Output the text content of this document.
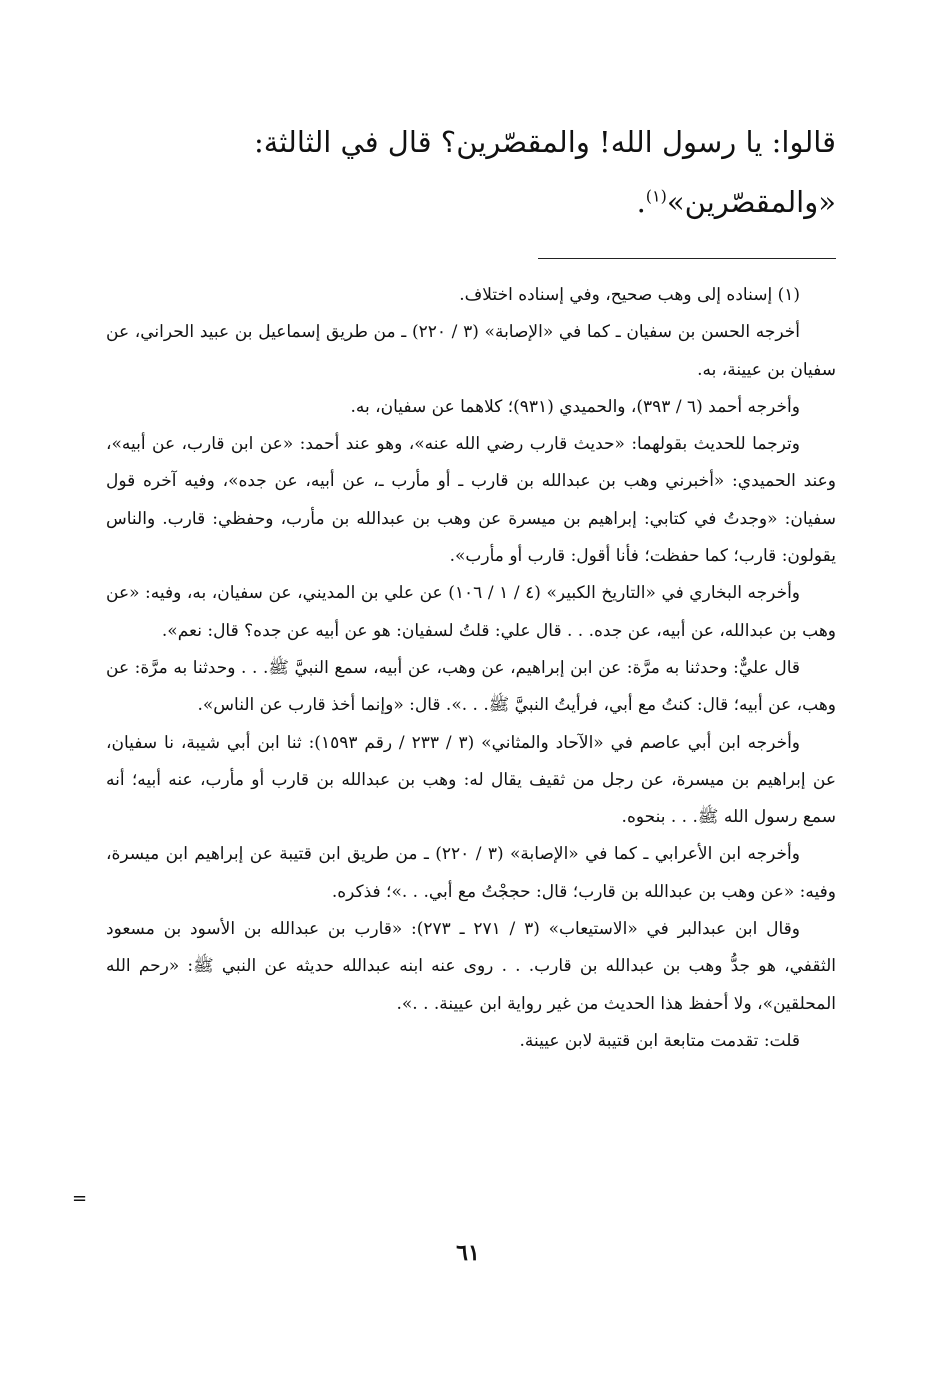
قالوا: يا رسول الله! والمقصّرين؟ قال في الثالثة:
«والمقصّرين»$^{(١)}$.

(١) إسناده إلى وهب صحيح، وفي إسناده اختلاف.

أخرجه الحسن بن سفيان ـ كما في «الإصابة» (٣ / ٢٢٠) ـ من طريق إسماعيل بن عبيد الحراني، عن سفيان بن عيينة، به.

وأخرجه أحمد (٦ / ٣٩٣)، والحميدي (٩٣١)؛ كلاهما عن سفيان، به.

وترجما للحديث بقولهما: «حديث قارب رضي الله عنه»، وهو عند أحمد: «عن ابن قارب، عن أبيه»، وعند الحميدي: «أخبرني وهب بن عبدالله بن قارب ـ أو مأرب ـ، عن أبيه، عن جده»، وفيه آخره قول سفيان: «وجدتُ في كتابي: إبراهيم بن ميسرة عن وهب بن عبدالله بن مأرب، وحفظي: قارب. والناس يقولون: قارب؛ كما حفظت؛ فأنا أقول: قارب أو مأرب».

وأخرجه البخاري في «التاريخ الكبير» (٤ / ١ / ١٠٦) عن علي بن المديني، عن سفيان، به، وفيه: «عن وهب بن عبدالله، عن أبيه، عن جده. . . قال علي: قلتُ لسفيان: هو عن أبيه عن جده؟ قال: نعم».

قال عليٌّ: وحدثنا به مرَّة: عن ابن إبراهيم، عن وهب، عن أبيه، سمع النبيَّ ﷺ. . . وحدثنا به مرَّة: عن وهب، عن أبيه؛ قال: كنتُ مع أبي، فرأيتُ النبيَّ ﷺ. . .». قال: «وإنما أخذ قارب عن الناس».

وأخرجه ابن أبي عاصم في «الآحاد والمثاني» (٣ / ٢٣٣ / رقم ١٥٩٣): ثنا ابن أبي شيبة، نا سفيان، عن إبراهيم بن ميسرة، عن رجل من ثقيف يقال له: وهب بن عبدالله بن قارب أو مأرب، عنه أبيه؛ أنه سمع رسول الله ﷺ. . . بنحوه.

وأخرجه ابن الأعرابي ـ كما في «الإصابة» (٣ / ٢٢٠) ـ من طريق ابن قتيبة عن إبراهيم ابن ميسرة، وفيه: «عن وهب بن عبدالله بن قارب؛ قال: حججْتُ مع أبي. . .»؛ فذكره.

وقال ابن عبدالبر في «الاستيعاب» (٣ / ٢٧١ ـ ٢٧٣): «قارب بن عبدالله بن الأسود بن مسعود الثقفي، هو جدُّ وهب بن عبدالله بن قارب. . . روى عنه ابنه عبدالله حديثه عن النبي ﷺ: «رحم الله المحلقين»، ولا أحفظ هذا الحديث من غير رواية ابن عيينة. . .».

قلت: تقدمت متابعة ابن قتيبة لابن عيينة.

=
٦١
